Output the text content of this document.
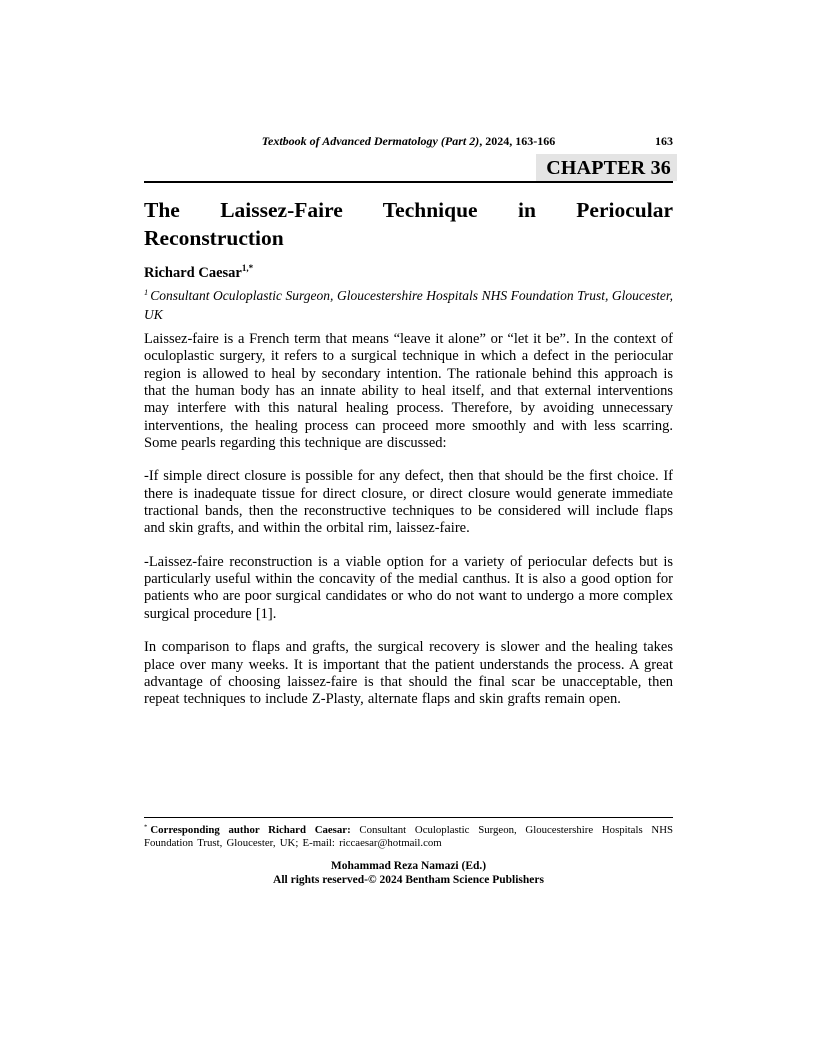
Textbook of Advanced Dermatology (Part 2), 2024, 163-166	163
CHAPTER 36
The Laissez-Faire Technique in Periocular
Reconstruction
Richard Caesar$^{1,*}$
$^1$ Consultant Oculoplastic Surgeon, Gloucestershire Hospitals NHS Foundation Trust, Gloucester, UK

Laissez-faire is a French term that means “leave it alone” or “let it be”. In the context of oculoplastic surgery, it refers to a surgical technique in which a defect in the periocular region is allowed to heal by secondary intention. The rationale behind this approach is that the human body has an innate ability to heal itself, and that external interventions may interfere with this natural healing process. Therefore, by avoiding unnecessary interventions, the healing process can proceed more smoothly and with less scarring. Some pearls regarding this technique are discussed:

-If simple direct closure is possible for any defect, then that should be the first choice. If there is inadequate tissue for direct closure, or direct closure would generate immediate tractional bands, then the reconstructive techniques to be considered will include flaps and skin grafts, and within the orbital rim, laissez-faire.

-Laissez-faire reconstruction is a viable option for a variety of periocular defects but is particularly useful within the concavity of the medial canthus. It is also a good option for patients who are poor surgical candidates or who do not want to undergo a more complex surgical procedure [1].

In comparison to flaps and grafts, the surgical recovery is slower and the healing takes place over many weeks. It is important that the patient understands the process. A great advantage of choosing laissez-faire is that should the final scar be unacceptable, then repeat techniques to include Z-Plasty, alternate flaps and skin grafts remain open.

* Corresponding author Richard Caesar: Consultant Oculoplastic Surgeon, Gloucestershire Hospitals NHS Foundation Trust, Gloucester, UK; E-mail: riccaesar@hotmail.com
Mohammad Reza Namazi (Ed.)
All rights reserved-© 2024 Bentham Science Publishers
